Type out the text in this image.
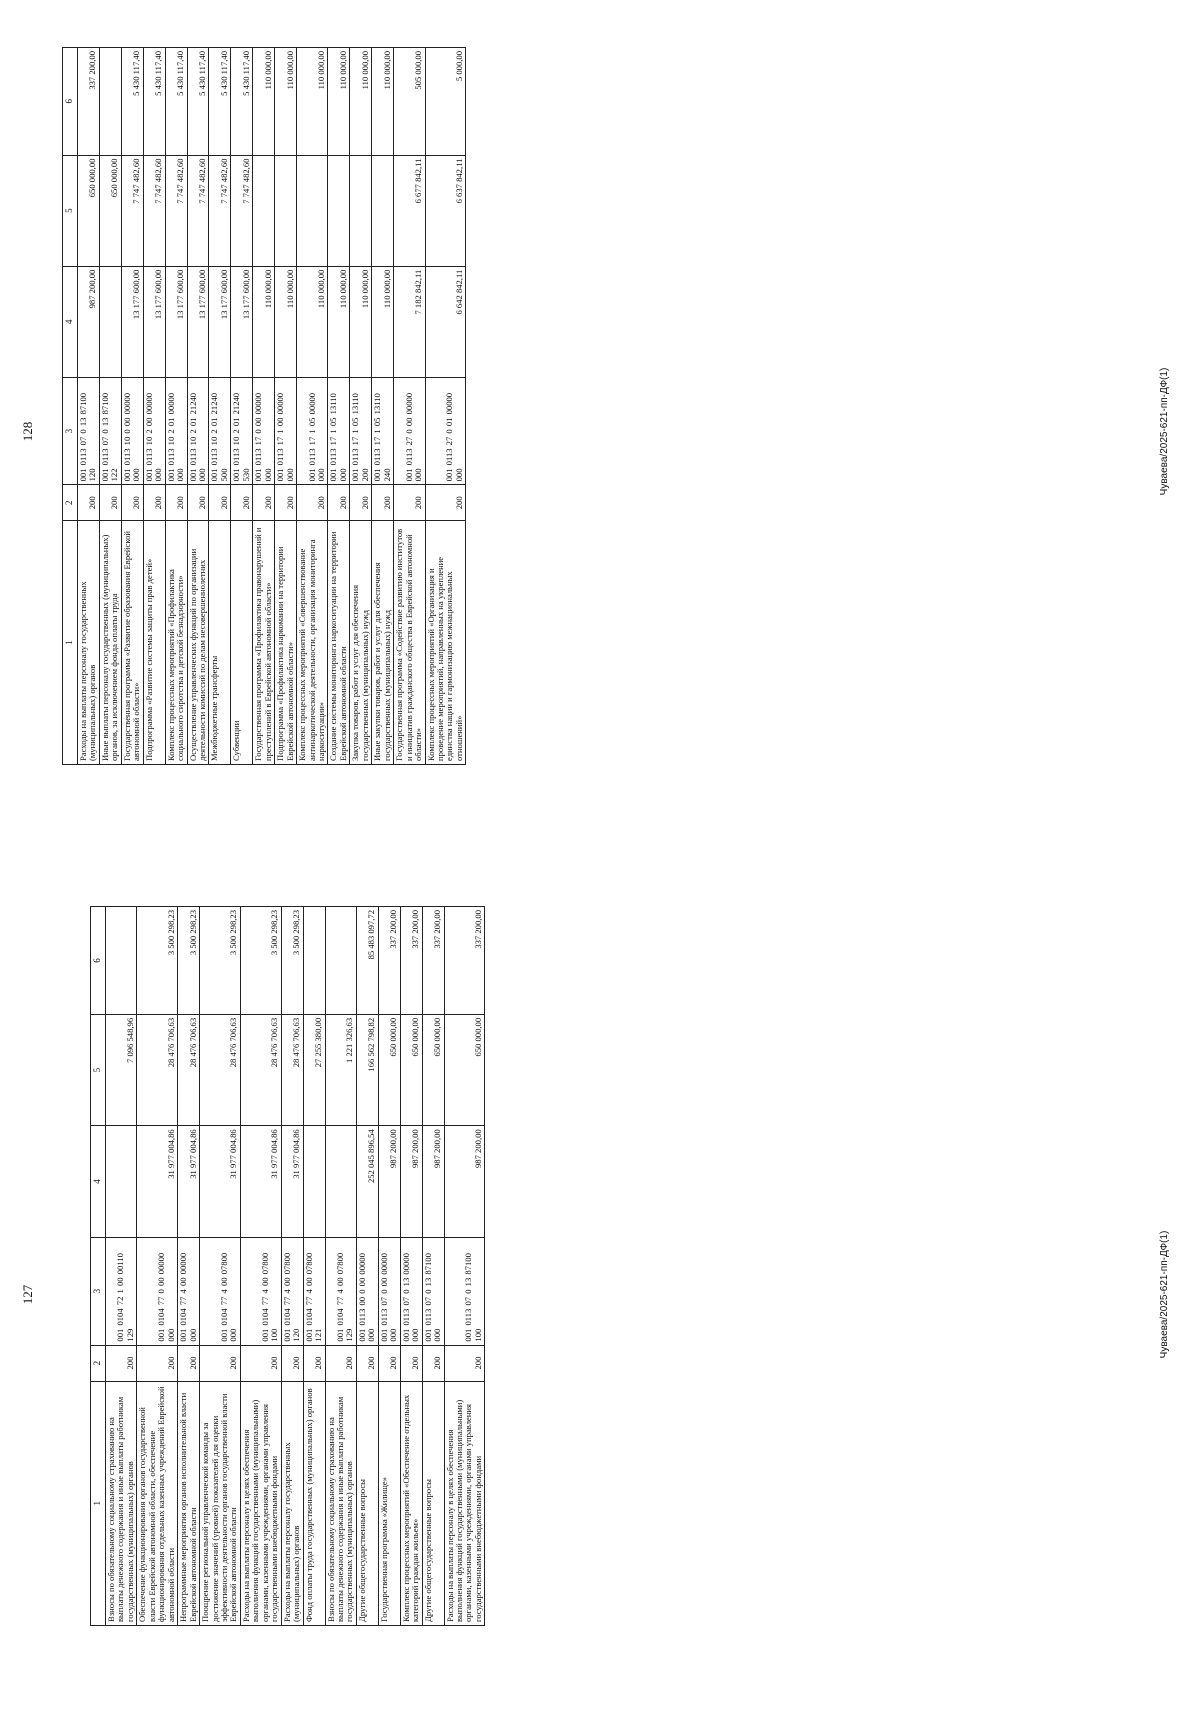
127
1	2	3	4	5	6
Взносы по обязательному социальному страхованию на выплаты денежного содержания и иные выплаты работникам государственных (муниципальных) органов	200	001 0104 72 1 00 00110 129		7 096 548,96	
Обеспечение функционирования органов государственной власти Еврейской автономной области, обеспечение функционирования отдельных казенных учреждений Еврейской автономной области	200	001 0104 77 0 00 00000 000	31 977 004,86	28 476 706,63	3 500 298,23
Непрограммные мероприятия органов исполнительной власти Еврейской автономной области	200	001 0104 77 4 00 00000 000	31 977 004,86	28 476 706,63	3 500 298,23
Поощрение региональной управленческой команды за достижение значений (уровней) показателей для оценки эффективности деятельности органов государственной власти Еврейской автономной области	200	001 0104 77 4 00 07800 000	31 977 004,86	28 476 706,63	3 500 298,23
Расходы на выплаты персоналу в целях обеспечения выполнения функций государственными (муниципальными) органами, казенными учреждениями, органами управления государственными внебюджетными фондами	200	001 0104 77 4 00 07800 100	31 977 004,86	28 476 706,63	3 500 298,23
Расходы на выплаты персоналу государственных (муниципальных) органов	200	001 0104 77 4 00 07800 120	31 977 004,86	28 476 706,63	3 500 298,23
Фонд оплаты труда государственных (муниципальных) органов	200	001 0104 77 4 00 07800 121		27 255 380,00	
Взносы по обязательному социальному страхованию на выплаты денежного содержания и иные выплаты работникам государственных (муниципальных) органов	200	001 0104 77 4 00 07800 129		1 221 326,63	
Другие общегосударственные вопросы	200	001 0113 00 0 00 00000 000	252 045 896,54	166 562 798,82	85 483 097,72
Государственная программа «Жилище»	200	001 0113 07 0 00 00000 000	987 200,00	650 000,00	337 200,00
Комплекс процессных мероприятий «Обеспечение отдельных категорий граждан жильем»	200	001 0113 07 0 13 00000 000	987 200,00	650 000,00	337 200,00
Другие общегосударственные вопросы	200	001 0113 07 0 13 87100 000	987 200,00	650 000,00	337 200,00
Расходы на выплаты персоналу в целях обеспечения выполнения функций государственными (муниципальными) органами, казенными учреждениями, органами управления государственными внебюджетными фондами	200	001 0113 07 0 13 87100 100	987 200,00	650 000,00	337 200,00
Чуваева/2025-621-пп-ДФ(1)
128
1	2	3	4	5	6
Расходы на выплаты персоналу государственных (муниципальных) органов	200	001 0113 07 0 13 87100 120	987 200,00	650 000,00	337 200,00
Иные выплаты персоналу государственных (муниципальных) органов, за исключением фонда оплаты труда	200	001 0113 07 0 13 87100 122		650 000,00	
Государственная программа «Развитие образования Еврейской автономной области»	200	001 0113 10 0 00 00000 000	13 177 600,00	7 747 482,60	5 430 117,40
Подпрограмма «Развитие системы защиты прав детей»	200	001 0113 10 2 00 00000 000	13 177 600,00	7 747 482,60	5 430 117,40
Комплекс процессных мероприятий «Профилактика социального сиротства и детской безнадзорности»	200	001 0113 10 2 01 00000 000	13 177 600,00	7 747 482,60	5 430 117,40
Осуществление управленческих функций по организации деятельности комиссий по делам несовершеннолетних	200	001 0113 10 2 01 21240 000	13 177 600,00	7 747 482,60	5 430 117,40
Межбюджетные трансферты	200	001 0113 10 2 01 21240 500	13 177 600,00	7 747 482,60	5 430 117,40
Субвенции	200	001 0113 10 2 01 21240 530	13 177 600,00	7 747 482,60	5 430 117,40
Государственная программа «Профилактика правонарушений и преступлений в Еврейской автономной области»	200	001 0113 17 0 00 00000 000	110 000,00		110 000,00
Подпрограмма «Профилактика наркомании на территории Еврейской автономной области»	200	001 0113 17 1 00 00000 000	110 000,00		110 000,00
Комплекс процессных мероприятий «Совершенствование антинаркотической деятельности, организация мониторинга наркоситуации»	200	001 0113 17 1 05 00000 000	110 000,00		110 000,00
Создание системы мониторинга наркоситуации на территории Еврейской автономной области	200	001 0113 17 1 05 13110 000	110 000,00		110 000,00
Закупка товаров, работ и услуг для обеспечения государственных (муниципальных) нужд	200	001 0113 17 1 05 13110 200	110 000,00		110 000,00
Иные закупки товаров, работ и услуг для обеспечения государственных (муниципальных) нужд	200	001 0113 17 1 05 13110 240	110 000,00		110 000,00
Государственная программа «Содействие развитию институтов и инициатив гражданского общества в Еврейской автономной области»	200	001 0113 27 0 00 00000 000	7 182 842,11	6 677 842,11	505 000,00
Комплекс процессных мероприятий «Организация и проведение мероприятий, направленных на укрепление единства нации и гармонизацию межнациональных отношений»	200	001 0113 27 0 01 00000 000	6 642 842,11	6 637 842,11	5 000,00
Чуваева/2025-621-пп-ДФ(1)
